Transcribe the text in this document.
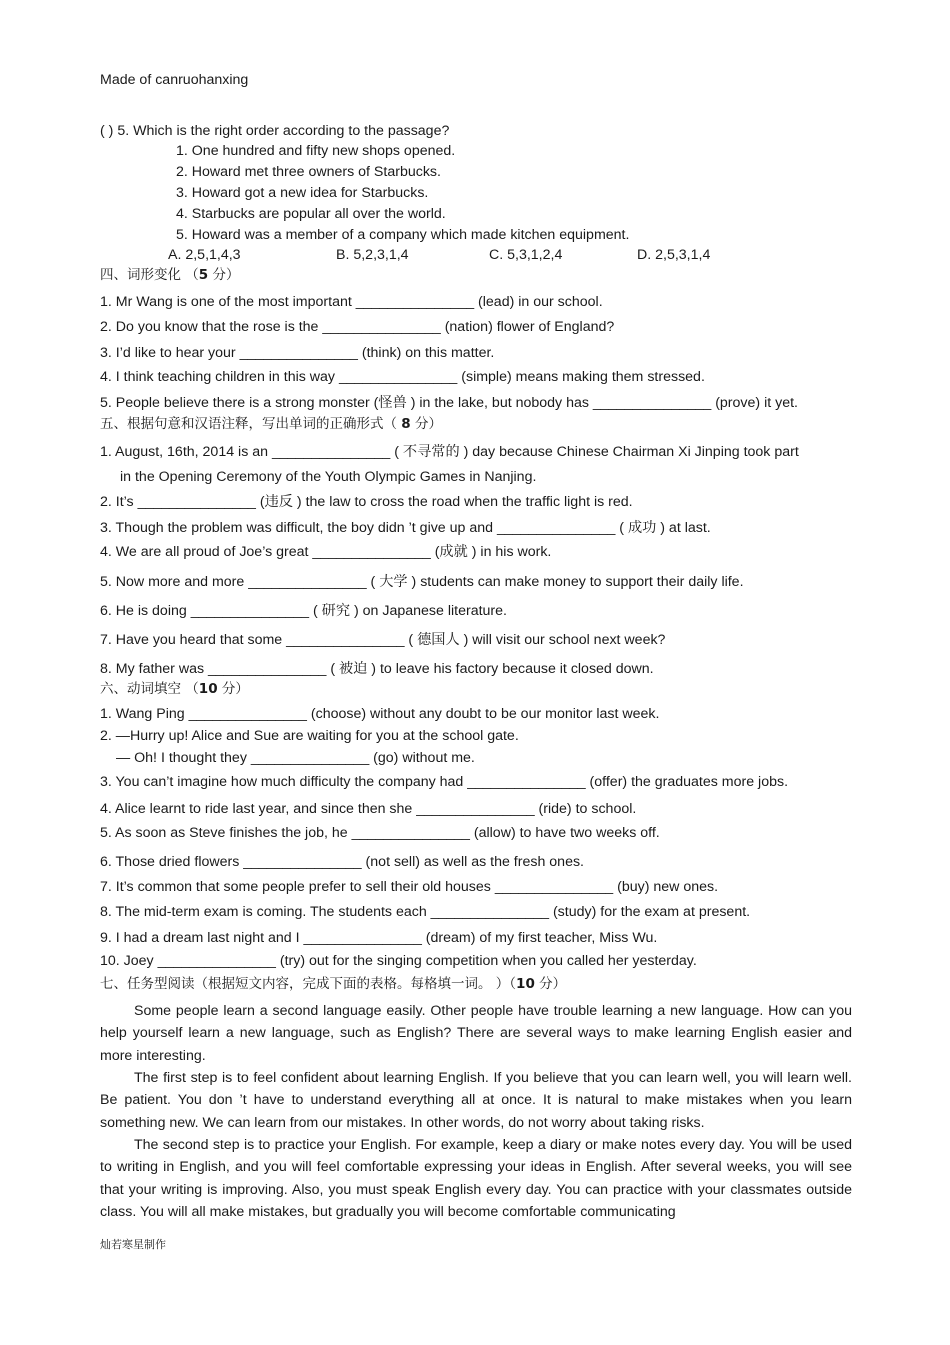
Made of canruohanxing
( ) 5. Which is the right order according to the passage?
1. One hundred and fifty new shops opened.
2. Howard met three owners of Starbucks.
3. Howard got a new idea for Starbucks.
4. Starbucks are popular all over the world.
5. Howard was a member of a company which made kitchen equipment.
A. 2,5,1,4,3	B. 5,2,3,1,4	C. 5,3,1,2,4	D. 2,5,3,1,4
四、词形变化 （5 分）
1. Mr Wang is one of the most important _______________ (lead) in our school.
2. Do you know that the rose is the _______________ (nation) flower of England?
3. I’d like to hear your _______________ (think) on this matter.
4. I think teaching children in this way _______________ (simple) means making them stressed.
5. People believe there is a strong monster (怪兽 ) in the lake, but nobody has _______________ (prove) it yet.
五、根据句意和汉语注释，写出单词的正确形式（ 8 分）
1. August, 16th, 2014 is an _______________ ( 不寻常的 ) day because Chinese Chairman Xi Jinping took part
in the Opening Ceremony of the Youth Olympic Games in Nanjing.
2. It’s _______________ (违反 ) the law to cross the road when the traffic light is red.
3. Though the problem was difficult, the boy didn ’t give up and _______________ ( 成功 ) at last.
4. We are all proud of Joe’s great _______________ (成就 ) in his work.
5. Now more and more _______________ ( 大学 ) students can make money to support their daily life.
6. He is doing _______________ ( 研究 ) on Japanese literature.
7. Have you heard that some _______________ ( 德国人 ) will visit our school next week?
8. My father was _______________ ( 被迫 ) to leave his factory because it closed down.
六、动词填空 （10 分）
1. Wang Ping _______________ (choose) without any doubt to be our monitor last week.
2. —Hurry up! Alice and Sue are waiting for you at the school gate.
— Oh! I thought they _______________ (go) without me.
3. You can’t imagine how much difficulty the company had _______________ (offer) the graduates more jobs.
4. Alice learnt to ride last year, and since then she _______________ (ride) to school.
5. As soon as Steve finishes the job, he _______________ (allow) to have two weeks off.
6. Those dried flowers _______________ (not sell) as well as the fresh ones.
7. It’s common that some people prefer to sell their old houses _______________ (buy) new ones.
8. The mid-term exam is coming. The students each _______________ (study) for the exam at present.
9. I had a dream last night and I _______________ (dream) of my first teacher, Miss Wu.
10. Joey _______________ (try) out for the singing competition when you called her yesterday.
七、任务型阅读（根据短文内容，完成下面的表格。每格填一词。 ）（10 分）
Some people learn a second language easily. Other people have trouble learning a new language. How can you help yourself learn a new language, such as English? There are several ways to make learning English easier and more interesting.
The first step is to feel confident about learning English. If you believe that you can learn well, you will learn well. Be patient. You don ’t have to understand everything all at once. It is natural to make mistakes when you learn something new. We can learn from our mistakes. In other words, do not worry about taking risks.
The second step is to practice your English. For example, keep a diary or make notes every day. You will be used to writing in English, and you will feel comfortable expressing your ideas in English. After several weeks, you will see that your writing is improving. Also, you must speak English every day. You can practice with your classmates outside class. You will all make mistakes, but gradually you will become comfortable communicating
灿若寒星制作
